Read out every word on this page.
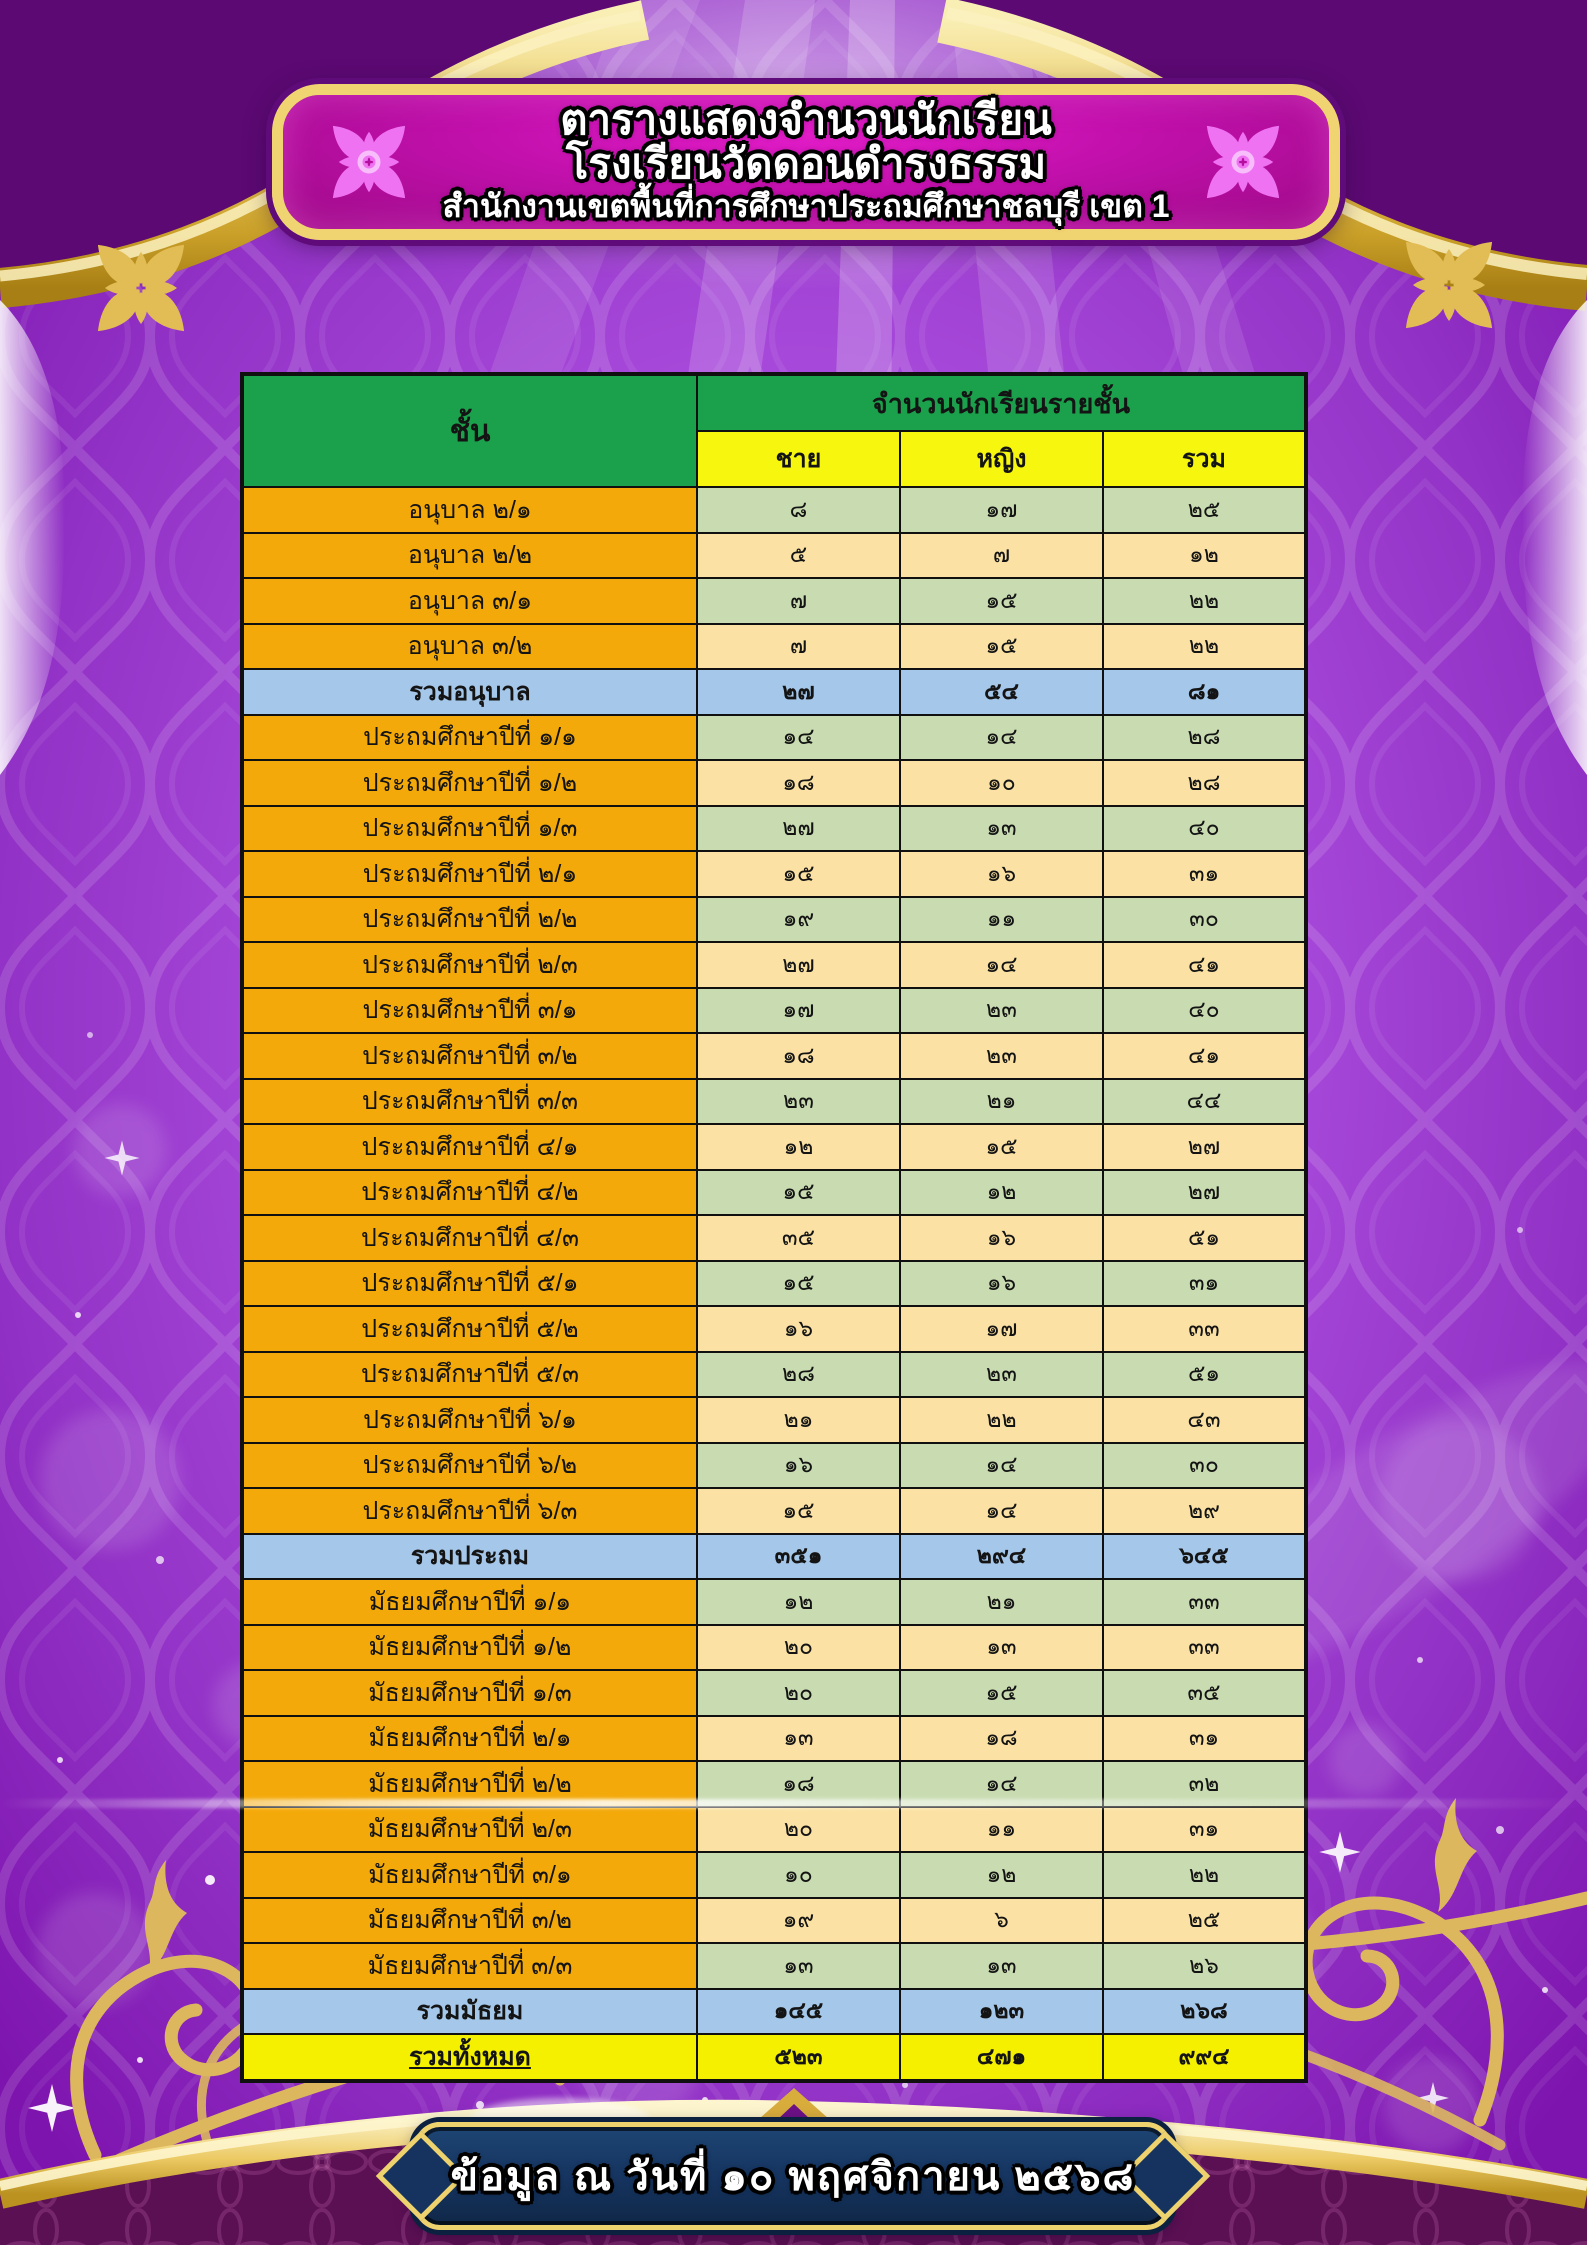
ตารางแสดงจำนวนนักเรียน
โรงเรียนวัดดอนดำรงธรรม
สำนักงานเขตพื้นที่การศึกษาประถมศึกษาชลบุรี เขต 1
ชั้น
จำนวนนักเรียนรายชั้น
ชาย	หญิง	รวม
อนุบาล ๒/๑	๘	๑๗	๒๕
อนุบาล ๒/๒	๕	๗	๑๒
อนุบาล ๓/๑	๗	๑๕	๒๒
อนุบาล ๓/๒	๗	๑๕	๒๒
รวมอนุบาล	๒๗	๕๔	๘๑
ประถมศึกษาปีที่ ๑/๑	๑๔	๑๔	๒๘
ประถมศึกษาปีที่ ๑/๒	๑๘	๑๐	๒๘
ประถมศึกษาปีที่ ๑/๓	๒๗	๑๓	๔๐
ประถมศึกษาปีที่ ๒/๑	๑๕	๑๖	๓๑
ประถมศึกษาปีที่ ๒/๒	๑๙	๑๑	๓๐
ประถมศึกษาปีที่ ๒/๓	๒๗	๑๔	๔๑
ประถมศึกษาปีที่ ๓/๑	๑๗	๒๓	๔๐
ประถมศึกษาปีที่ ๓/๒	๑๘	๒๓	๔๑
ประถมศึกษาปีที่ ๓/๓	๒๓	๒๑	๔๔
ประถมศึกษาปีที่ ๔/๑	๑๒	๑๕	๒๗
ประถมศึกษาปีที่ ๔/๒	๑๕	๑๒	๒๗
ประถมศึกษาปีที่ ๔/๓	๓๕	๑๖	๕๑
ประถมศึกษาปีที่ ๕/๑	๑๕	๑๖	๓๑
ประถมศึกษาปีที่ ๕/๒	๑๖	๑๗	๓๓
ประถมศึกษาปีที่ ๕/๓	๒๘	๒๓	๕๑
ประถมศึกษาปีที่ ๖/๑	๒๑	๒๒	๔๓
ประถมศึกษาปีที่ ๖/๒	๑๖	๑๔	๓๐
ประถมศึกษาปีที่ ๖/๓	๑๕	๑๔	๒๙
รวมประถม	๓๕๑	๒๙๔	๖๔๕
มัธยมศึกษาปีที่ ๑/๑	๑๒	๒๑	๓๓
มัธยมศึกษาปีที่ ๑/๒	๒๐	๑๓	๓๓
มัธยมศึกษาปีที่ ๑/๓	๒๐	๑๕	๓๕
มัธยมศึกษาปีที่ ๒/๑	๑๓	๑๘	๓๑
มัธยมศึกษาปีที่ ๒/๒	๑๘	๑๔	๓๒
มัธยมศึกษาปีที่ ๒/๓	๒๐	๑๑	๓๑
มัธยมศึกษาปีที่ ๓/๑	๑๐	๑๒	๒๒
มัธยมศึกษาปีที่ ๓/๒	๑๙	๖	๒๕
มัธยมศึกษาปีที่ ๓/๓	๑๓	๑๓	๒๖
รวมมัธยม	๑๔๕	๑๒๓	๒๖๘
รวมทั้งหมด	๕๒๓	๔๗๑	๙๙๔
ข้อมูล ณ วันที่ ๑๐ พฤศจิกายน ๒๕๖๘
